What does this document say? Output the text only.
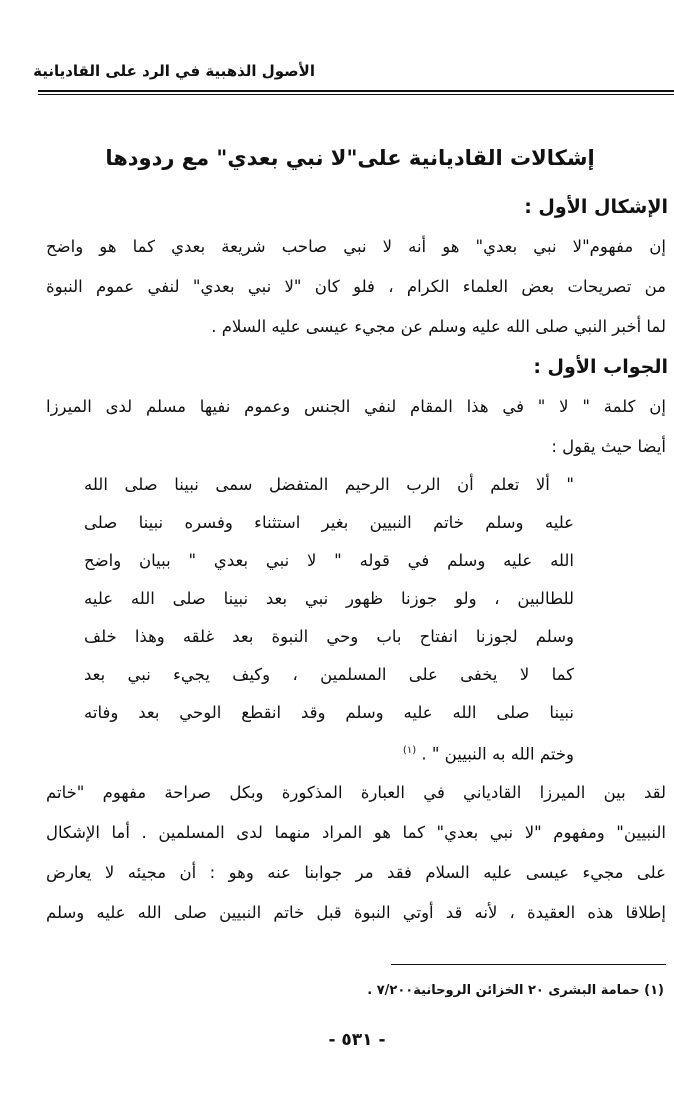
الأصول الذهبية في الرد على القاديانية
إشكالات القاديانية على"لا نبي بعدي" مع ردودها
الإشكال الأول :
إن مفهوم"لا نبي بعدي" هو أنه لا نبي صاحب شريعة بعدي كما هو واضح
من تصريحات بعض العلماء الكرام ، فلو كان "لا نبي بعدي" لنفي عموم النبوة
لما أخبر النبي صلى الله عليه وسلم عن مجيء عيسى عليه السلام .
الجواب الأول :
إن كلمة " لا " في هذا المقام لنفي الجنس وعموم نفيها مسلم لدى الميرزا
أيضا حيث يقول :
" ألا تعلم أن الرب الرحيم المتفضل سمى نبينا صلى الله
عليه وسلم خاتم النبيين بغير استثناء وفسره نبينا صلى
الله عليه وسلم في قوله " لا نبي بعدي " ببيان واضح
للطالبين ، ولو جوزنا ظهور نبي بعد نبينا صلى الله عليه
وسلم لجوزنا انفتاح باب وحي النبوة بعد غلقه وهذا خلف
كما لا يخفى على المسلمين ، وكيف يجيء نبي بعد
نبينا صلى الله عليه وسلم وقد انقطع الوحي بعد وفاته
وختم الله به النبيين " . $^{(١)}$
لقد بين الميرزا القادياني في العبارة المذكورة وبكل صراحة مفهوم "خاتم
النبيين" ومفهوم "لا نبي بعدي" كما هو المراد منهما لدى المسلمين . أما الإشكال
على مجيء عيسى عليه السلام فقد مر جوابنا عنه وهو : أن مجيئه لا يعارض
إطلاقا هذه العقيدة ، لأنه قد أوتي النبوة قبل خاتم النبيين صلى الله عليه وسلم
(١) حمامة البشرى ٢٠ الخزائن الروحانية٧/٢٠٠ .
- ٥٣١ -
